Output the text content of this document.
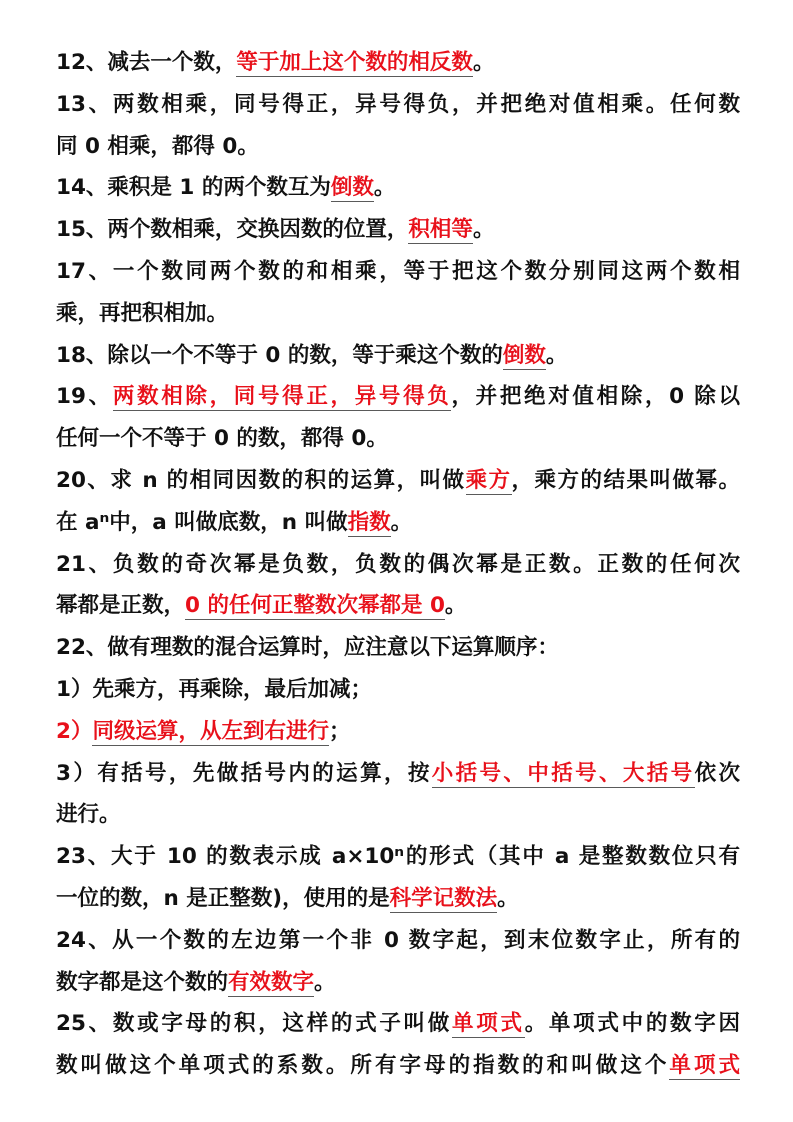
12、减去一个数，等于加上这个数的相反数。
13、两数相乘，同号得正，异号得负，并把绝对值相乘。任何数
同 0 相乘，都得 0。
14、乘积是 1 的两个数互为倒数。
15、两个数相乘，交换因数的位置，积相等。
17、一个数同两个数的和相乘，等于把这个数分别同这两个数相
乘，再把积相加。
18、除以一个不等于 0 的数，等于乘这个数的倒数。
19、两数相除，同号得正，异号得负，并把绝对值相除，0 除以
任何一个不等于 0 的数，都得 0。
20、求 n 的相同因数的积的运算，叫做乘方，乘方的结果叫做幂。
在 aⁿ中，a 叫做底数，n 叫做指数。
21、负数的奇次幂是负数，负数的偶次幂是正数。正数的任何次
幂都是正数，0 的任何正整数次幂都是 0。
22、做有理数的混合运算时，应注意以下运算顺序：
1）先乘方，再乘除，最后加减；
2）同级运算，从左到右进行；
3）有括号，先做括号内的运算，按小括号、中括号、大括号依次
进行。
23、大于 10 的数表示成 a×10ⁿ的形式（其中 a 是整数数位只有
一位的数，n 是正整数)，使用的是科学记数法。
24、从一个数的左边第一个非 0 数字起，到末位数字止，所有的
数字都是这个数的有效数字。
25、数或字母的积，这样的式子叫做单项式。单项式中的数字因
数叫做这个单项式的系数。所有字母的指数的和叫做这个单项式
